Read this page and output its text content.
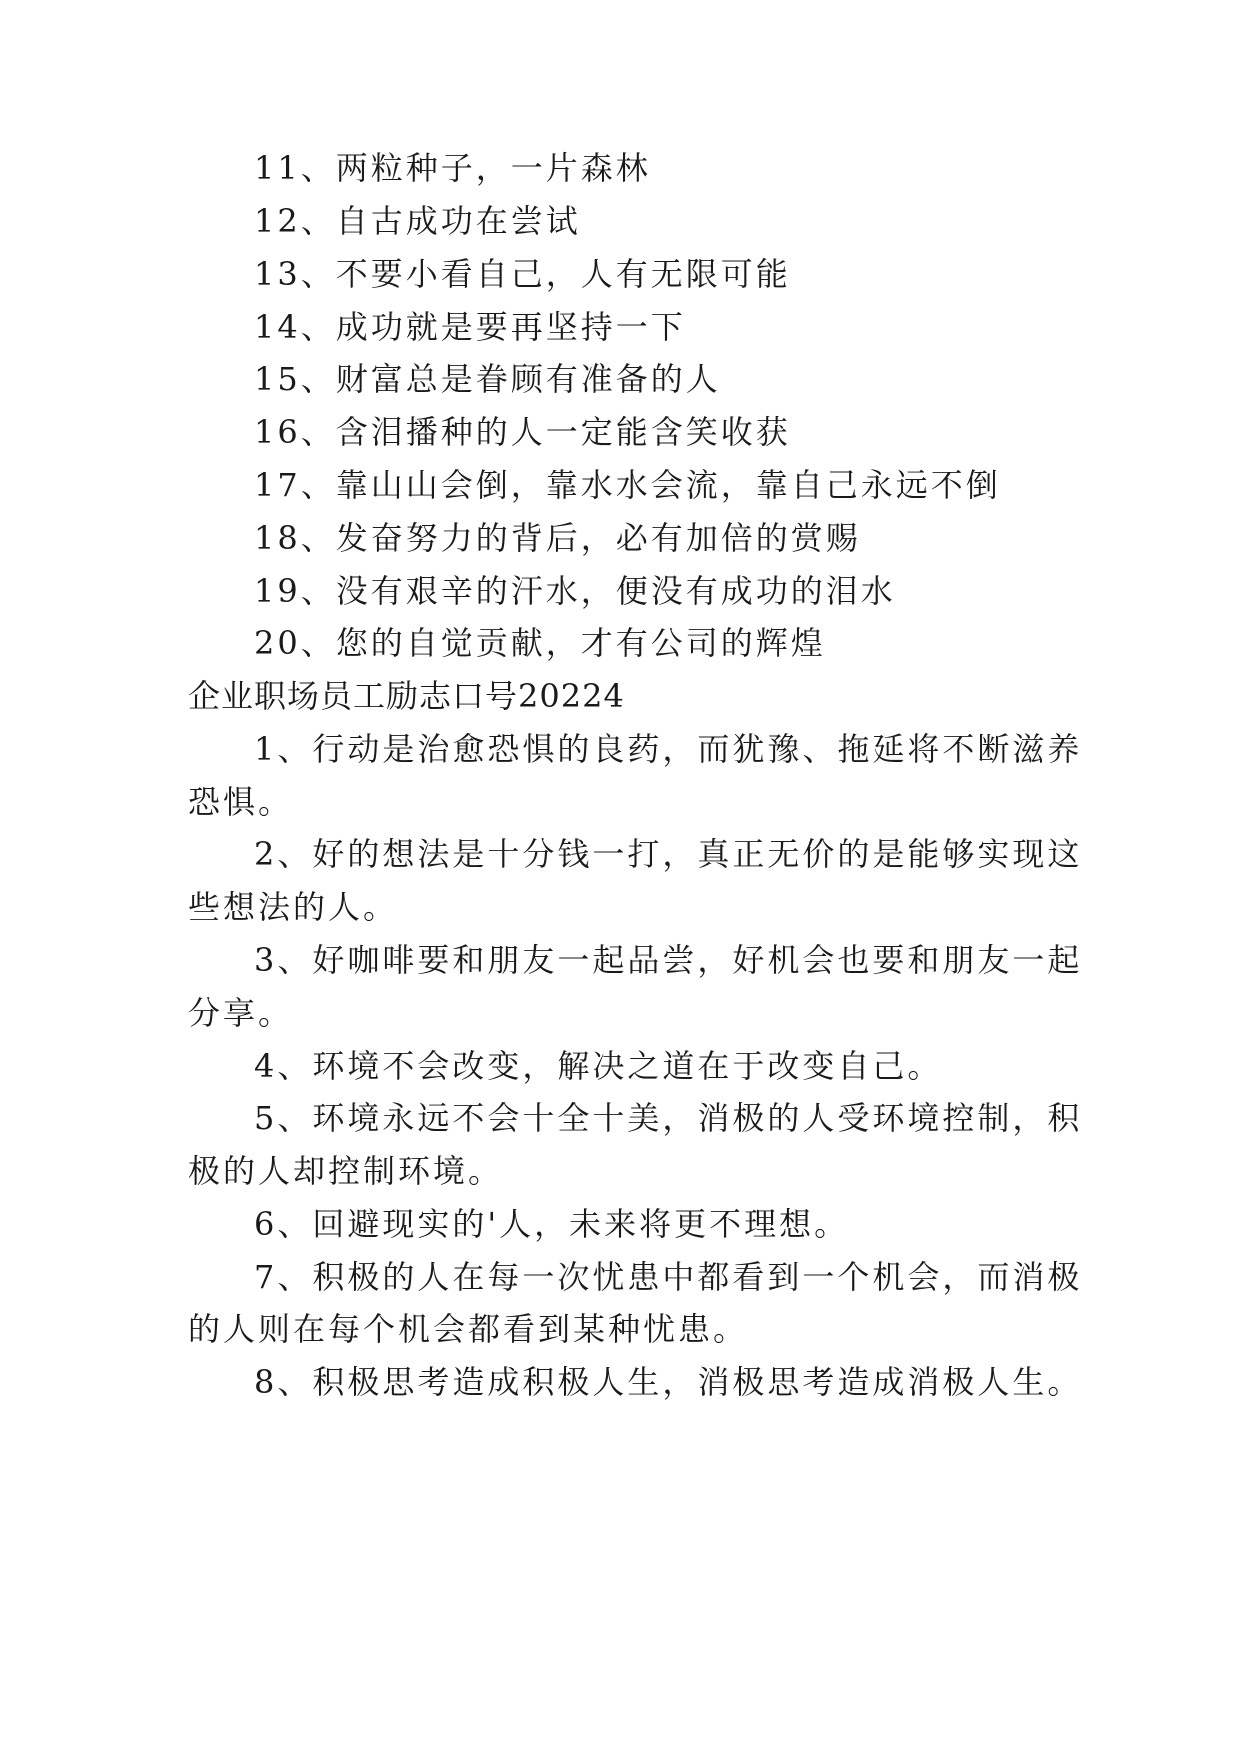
11、两粒种子，一片森林
12、自古成功在尝试
13、不要小看自己，人有无限可能
14、成功就是要再坚持一下
15、财富总是眷顾有准备的人
16、含泪播种的人一定能含笑收获
17、靠山山会倒，靠水水会流，靠自己永远不倒
18、发奋努力的背后，必有加倍的赏赐
19、没有艰辛的汗水，便没有成功的泪水
20、您的自觉贡献，才有公司的辉煌
企业职场员工励志口号20224
1、行动是治愈恐惧的良药，而犹豫、拖延将不断滋养
恐惧。
2、好的想法是十分钱一打，真正无价的是能够实现这
些想法的人。
3、好咖啡要和朋友一起品尝，好机会也要和朋友一起
分享。
4、环境不会改变，解决之道在于改变自己。
5、环境永远不会十全十美，消极的人受环境控制，积
极的人却控制环境。
6、回避现实的'人，未来将更不理想。
7、积极的人在每一次忧患中都看到一个机会，而消极
的人则在每个机会都看到某种忧患。
8、积极思考造成积极人生，消极思考造成消极人生。
